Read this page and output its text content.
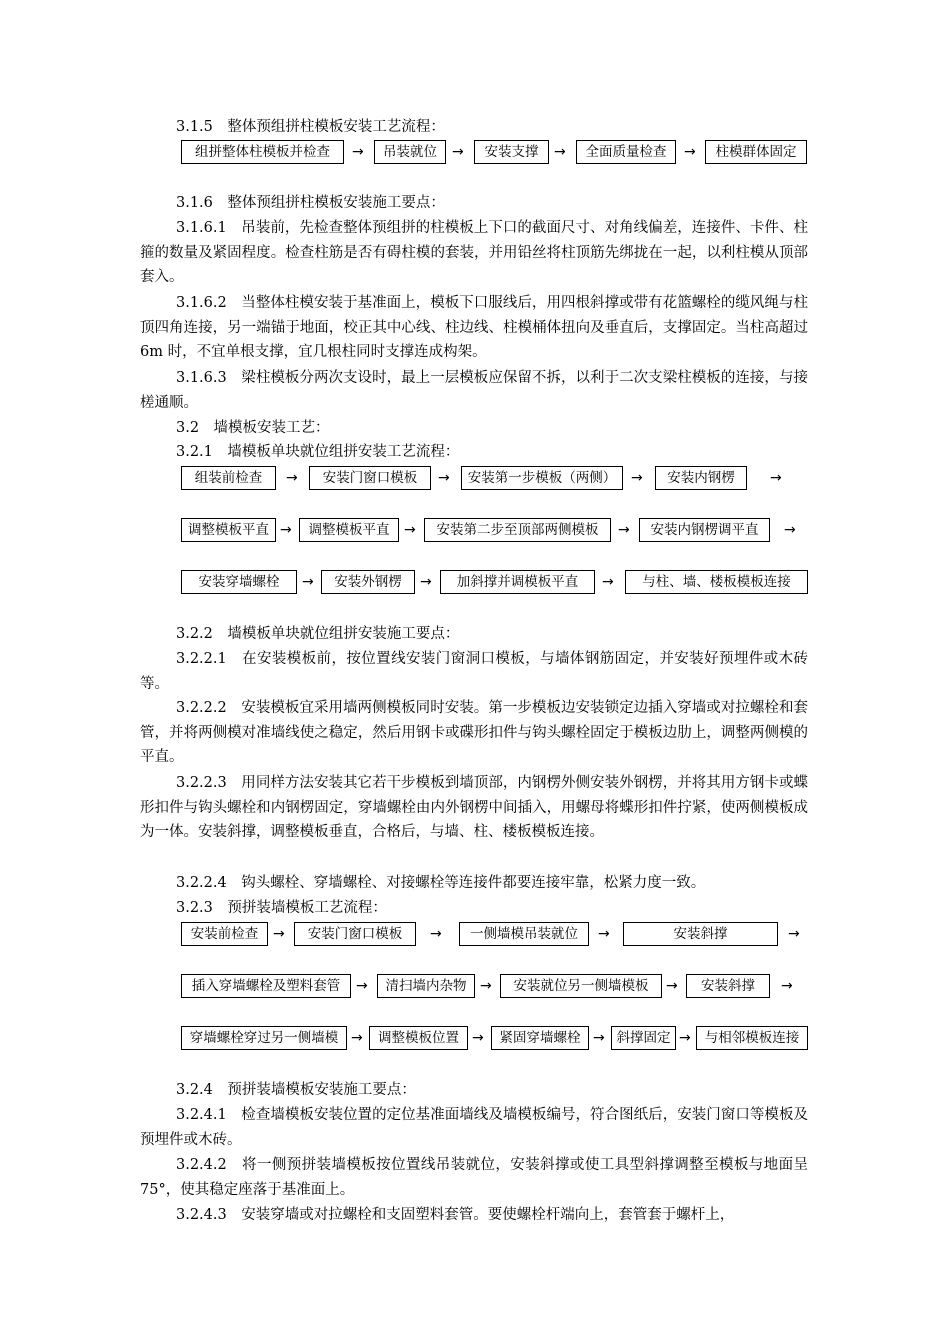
3.1.5　整体预组拼柱模板安装工艺流程：
组拼整体柱模板并检查	→	吊装就位	→	安装支撑	→	全面质量检查	→	柱模群体固定
3.1.6　整体预组拼柱模板安装施工要点：
3.1.6.1　吊装前，先检查整体预组拼的柱模板上下口的截面尺寸、对角线偏差，连接件、卡件、柱箍的数量及紧固程度。检查柱筋是否有碍柱模的套装，并用铅丝将柱顶筋先绑拢在一起，以利柱模从顶部套入。
3.1.6.2　当整体柱模安装于基准面上，模板下口服线后，用四根斜撑或带有花篮螺栓的缆风绳与柱顶四角连接，另一端锚于地面，校正其中心线、柱边线、柱模桶体扭向及垂直后，支撑固定。当柱高超过 6m 时，不宜单根支撑，宜几根柱同时支撑连成构架。
3.1.6.3　梁柱模板分两次支设时，最上一层模板应保留不拆，以利于二次支梁柱模板的连接，与接槎通顺。
3.2　墙模板安装工艺：
3.2.1　墙模板单块就位组拼安装工艺流程：
组装前检查	→	安装门窗口模板	→	安装第一步模板（两侧）	→	安装内钢楞	→
调整模板平直 →	调整模板平直	→	安装第二步至顶部两侧模板	→	安装内钢楞调平直	→
安装穿墙螺栓	→	安装外钢楞	→	加斜撑并调模板平直	→	与柱、墙、楼板模板连接
3.2.2　墙模板单块就位组拼安装施工要点：
3.2.2.1　在安装模板前，按位置线安装门窗洞口模板，与墙体钢筋固定，并安装好预埋件或木砖等。
3.2.2.2　安装模板宜采用墙两侧模板同时安装。第一步模板边安装锁定边插入穿墙或对拉螺栓和套管，并将两侧模对准墙线使之稳定，然后用钢卡或碟形扣件与钩头螺栓固定于模板边肋上，调整两侧模的平直。
3.2.2.3　用同样方法安装其它若干步模板到墙顶部，内钢楞外侧安装外钢楞，并将其用方钢卡或蝶形扣件与钩头螺栓和内钢楞固定，穿墙螺栓由内外钢楞中间插入，用螺母将蝶形扣件拧紧，使两侧模板成为一体。安装斜撑，调整模板垂直，合格后，与墙、柱、楼板模板连接。
3.2.2.4　钩头螺栓、穿墙螺栓、对接螺栓等连接件都要连接牢靠，松紧力度一致。
3.2.3　预拼装墙模板工艺流程：
安装前检查	→	安装门窗口模板	→	一侧墙模吊装就位	→	安装斜撑	→
插入穿墙螺栓及塑料套管	→	清扫墙内杂物 →	安装就位另一侧墙模板	→	安装斜撑	→
穿墙螺栓穿过另一侧墙模 →	调整模板位置 →	紧固穿墙螺栓 → 斜撑固定 →	与相邻模板连接
3.2.4　预拼装墙模板安装施工要点：
3.2.4.1　检查墙模板安装位置的定位基准面墙线及墙模板编号，符合图纸后，安装门窗口等模板及预埋件或木砖。
3.2.4.2　将一侧预拼装墙模板按位置线吊装就位，安装斜撑或使工具型斜撑调整至模板与地面呈 75°，使其稳定座落于基准面上。
3.2.4.3　安装穿墙或对拉螺栓和支固塑料套管。要使螺栓杆端向上，套管套于螺杆上，
